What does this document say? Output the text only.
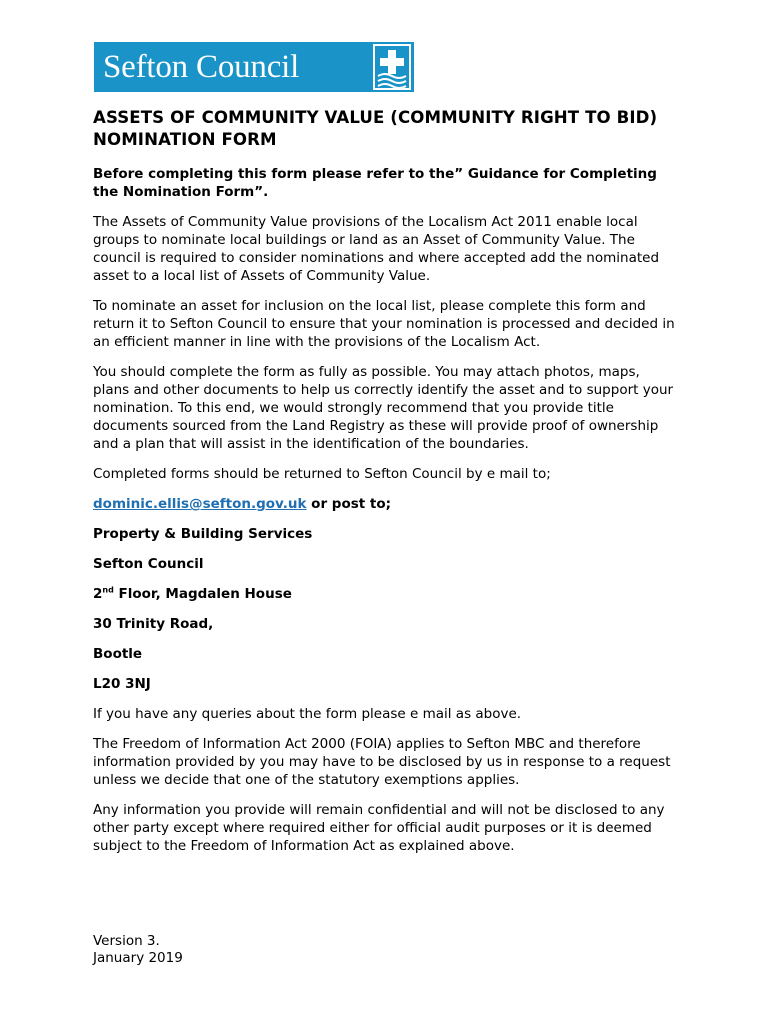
Sefton Council
ASSETS OF COMMUNITY VALUE (COMMUNITY RIGHT TO BID) NOMINATION FORM

Before completing this form please refer to the” Guidance for Completing the Nomination Form”.

The Assets of Community Value provisions of the Localism Act 2011 enable local groups to nominate local buildings or land as an Asset of Community Value. The council is required to consider nominations and where accepted add the nominated asset to a local list of Assets of Community Value.

To nominate an asset for inclusion on the local list, please complete this form and return it to Sefton Council to ensure that your nomination is processed and decided in an efficient manner in line with the provisions of the Localism Act.

You should complete the form as fully as possible. You may attach photos, maps, plans and other documents to help us correctly identify the asset and to support your nomination. To this end, we would strongly recommend that you provide title documents sourced from the Land Registry as these will provide proof of ownership and a plan that will assist in the identification of the boundaries.

Completed forms should be returned to Sefton Council by e mail to;

dominic.ellis@sefton.gov.uk or post to;

Property & Building Services

Sefton Council

2nd Floor, Magdalen House

30 Trinity Road,

Bootle

L20 3NJ

If you have any queries about the form please e mail as above.

The Freedom of Information Act 2000 (FOIA) applies to Sefton MBC and therefore information provided by you may have to be disclosed by us in response to a request unless we decide that one of the statutory exemptions applies.

Any information you provide will remain confidential and will not be disclosed to any other party except where required either for official audit purposes or it is deemed subject to the Freedom of Information Act as explained above.

Version 3.
January 2019
